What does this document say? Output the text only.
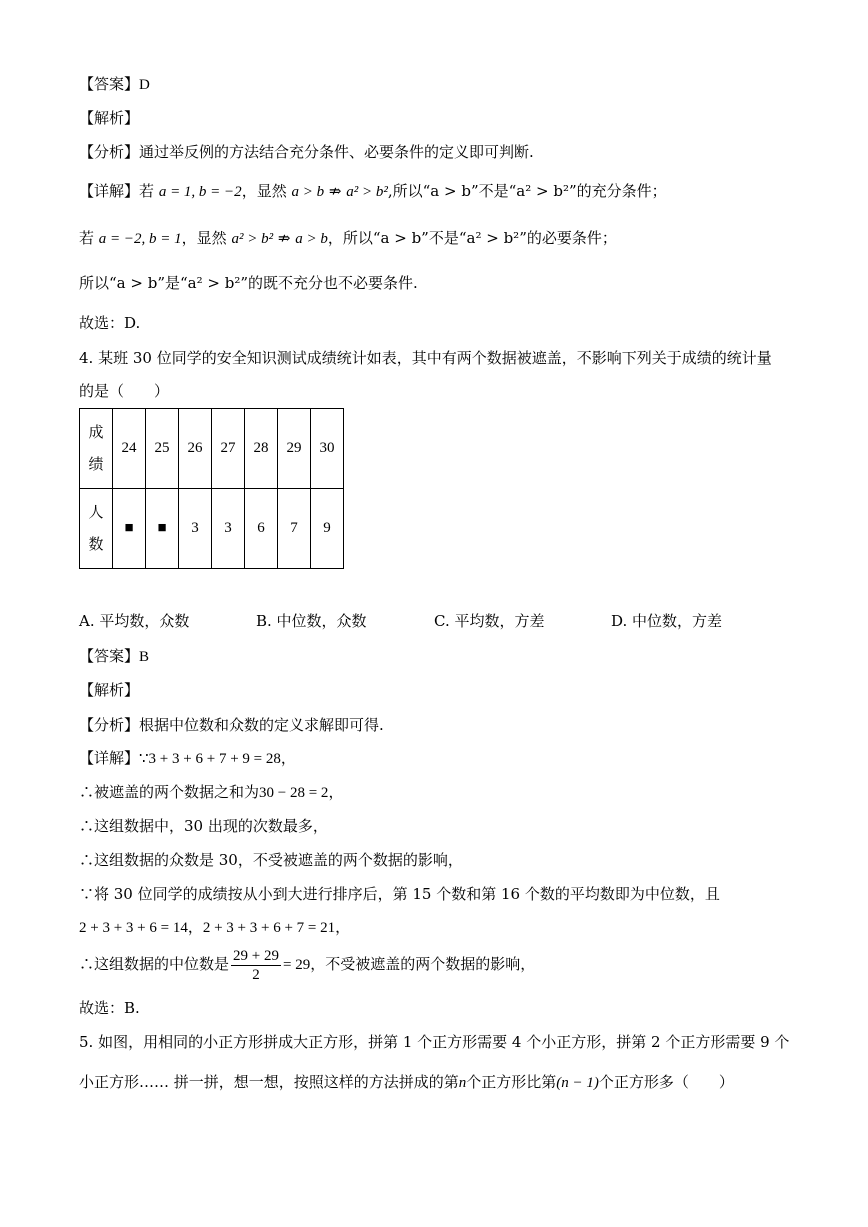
【答案】D
【解析】
【分析】通过举反例的方法结合充分条件、必要条件的定义即可判断.
【详解】若 a = 1, b = −2，显然 a > b ⇏ a² > b²,所以“a > b”不是“a² > b²”的充分条件；
若 a = −2, b = 1，显然 a² > b² ⇏ a > b，所以“a > b”不是“a² > b²”的必要条件；
所以“a > b”是“a² > b²”的既不充分也不必要条件.
故选：D.
4. 某班 30 位同学的安全知识测试成绩统计如表，其中有两个数据被遮盖，不影响下列关于成绩的统计量
的是（　　）
成
绩	24	25	26	27	28	29	30
人
数	■	■	3	3	6	7	9
A. 平均数，众数	B. 中位数，众数	C. 平均数，方差	D. 中位数，方差
【答案】B
【解析】
【分析】根据中位数和众数的定义求解即可得.
【详解】∵3 + 3 + 6 + 7 + 9 = 28，
∴被遮盖的两个数据之和为30 − 28 = 2，
∴这组数据中，30 出现的次数最多，
∴这组数据的众数是 30，不受被遮盖的两个数据的影响，
∵将 30 位同学的成绩按从小到大进行排序后，第 15 个数和第 16 个数的平均数即为中位数，且
2 + 3 + 3 + 6 = 14，2 + 3 + 3 + 6 + 7 = 21，
∴这组数据的中位数是 $\frac{29 + 29}{2} = 29$，不受被遮盖的两个数据的影响，
故选：B.
5. 如图，用相同的小正方形拼成大正方形，拼第 1 个正方形需要 4 个小正方形，拼第 2 个正方形需要 9 个
小正方形…… 拼一拼，想一想，按照这样的方法拼成的第n个正方形比第(n − 1)个正方形多（　　）
